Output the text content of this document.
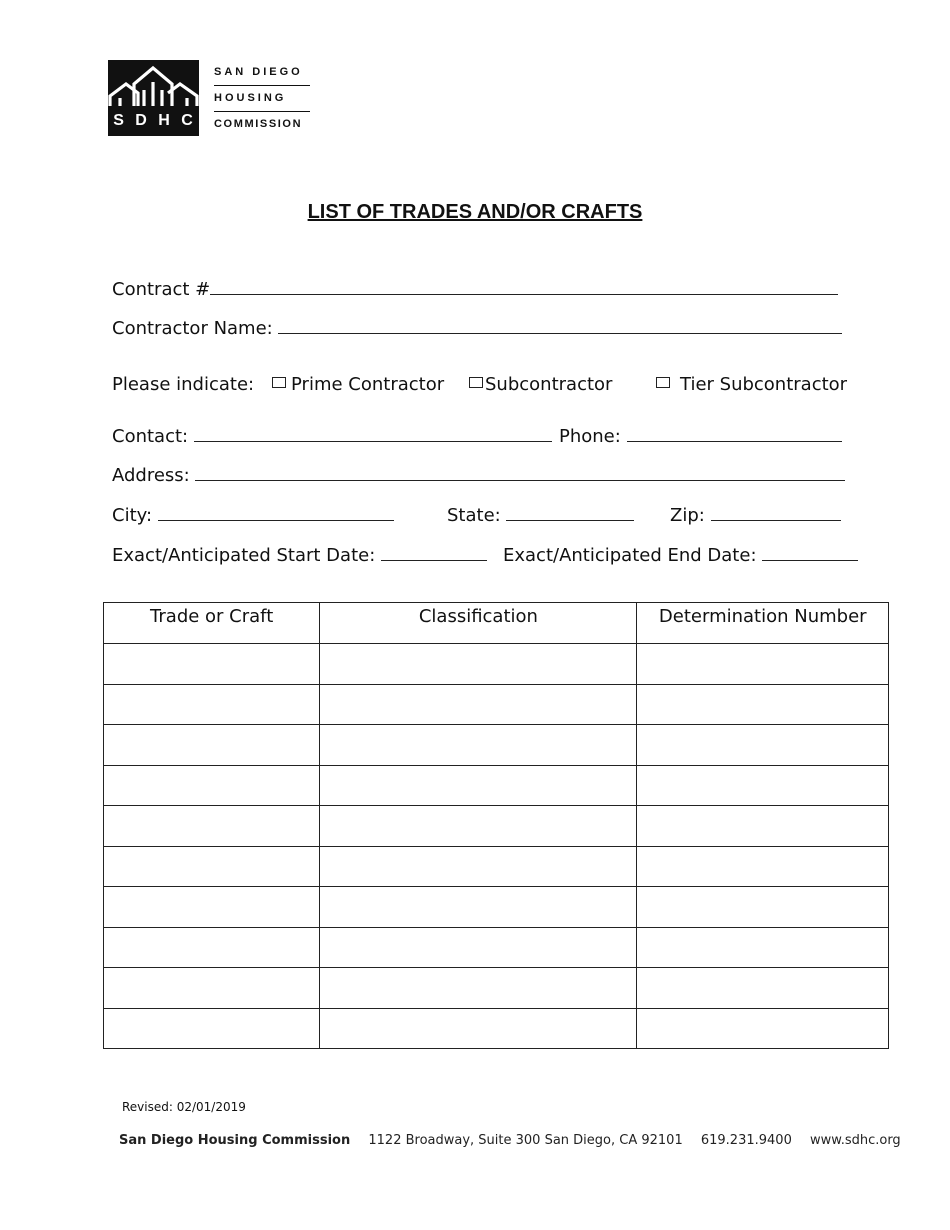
S D H C
SAN DIEGO
HOUSING
COMMISSION
LIST OF TRADES AND/OR CRAFTS
Contract #
Contractor Name:
Please indicate:	Prime Contractor	Subcontractor	Tier Subcontractor
Contact:	Phone:
Address:
City:	State:	Zip:
Exact/Anticipated Start Date:	Exact/Anticipated End Date:
Trade or Craft	Classification	Determination Number

Revised: 02/01/2019
San Diego Housing Commission 1122 Broadway, Suite 300 San Diego, CA 92101 619.231.9400 www.sdhc.org
